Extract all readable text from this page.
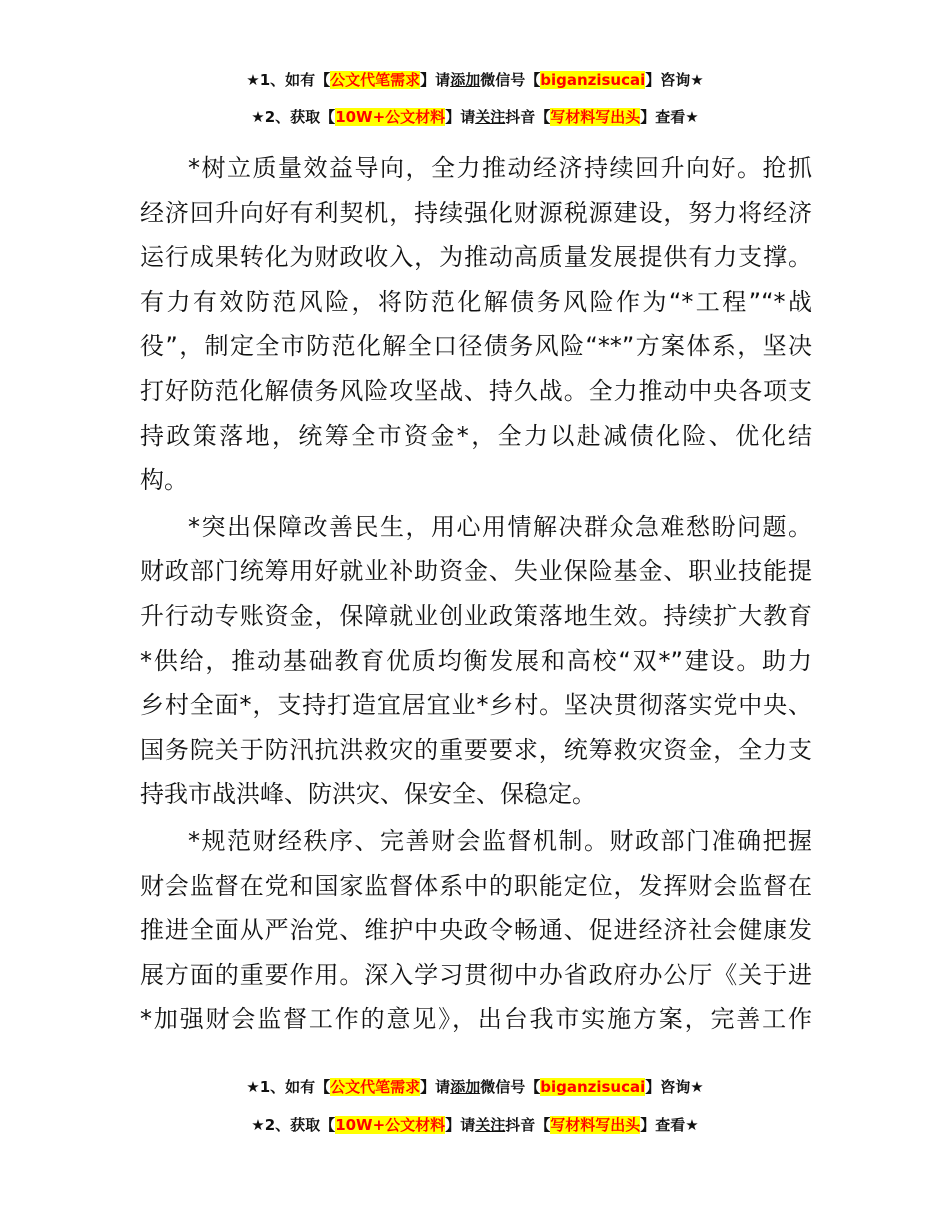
★1、如有【公文代笔需求】请添加微信号【biganzisucai】咨询★
★2、获取【10W+公文材料】请关注抖音【写材料写出头】查看★

*树立质量效益导向，全力推动经济持续回升向好。抢抓
经济回升向好有利契机，持续强化财源税源建设，努力将经济
运行成果转化为财政收入，为推动高质量发展提供有力支撑。
有力有效防范风险，将防范化解债务风险作为“*工程”“*战
役”，制定全市防范化解全口径债务风险“**”方案体系，坚决
打好防范化解债务风险攻坚战、持久战。全力推动中央各项支
持政策落地，统筹全市资金*，全力以赴减债化险、优化结
构。

*突出保障改善民生，用心用情解决群众急难愁盼问题。
财政部门统筹用好就业补助资金、失业保险基金、职业技能提
升行动专账资金，保障就业创业政策落地生效。持续扩大教育
*供给，推动基础教育优质均衡发展和高校“双*”建设。助力
乡村全面*，支持打造宜居宜业*乡村。坚决贯彻落实党中央、
国务院关于防汛抗洪救灾的重要要求，统筹救灾资金，全力支
持我市战洪峰、防洪灾、保安全、保稳定。

*规范财经秩序、完善财会监督机制。财政部门准确把握
财会监督在党和国家监督体系中的职能定位，发挥财会监督在
推进全面从严治党、维护中央政令畅通、促进经济社会健康发
展方面的重要作用。深入学习贯彻中办省政府办公厅《关于进
*加强财会监督工作的意见》，出台我市实施方案，完善工作

★1、如有【公文代笔需求】请添加微信号【biganzisucai】咨询★
★2、获取【10W+公文材料】请关注抖音【写材料写出头】查看★
